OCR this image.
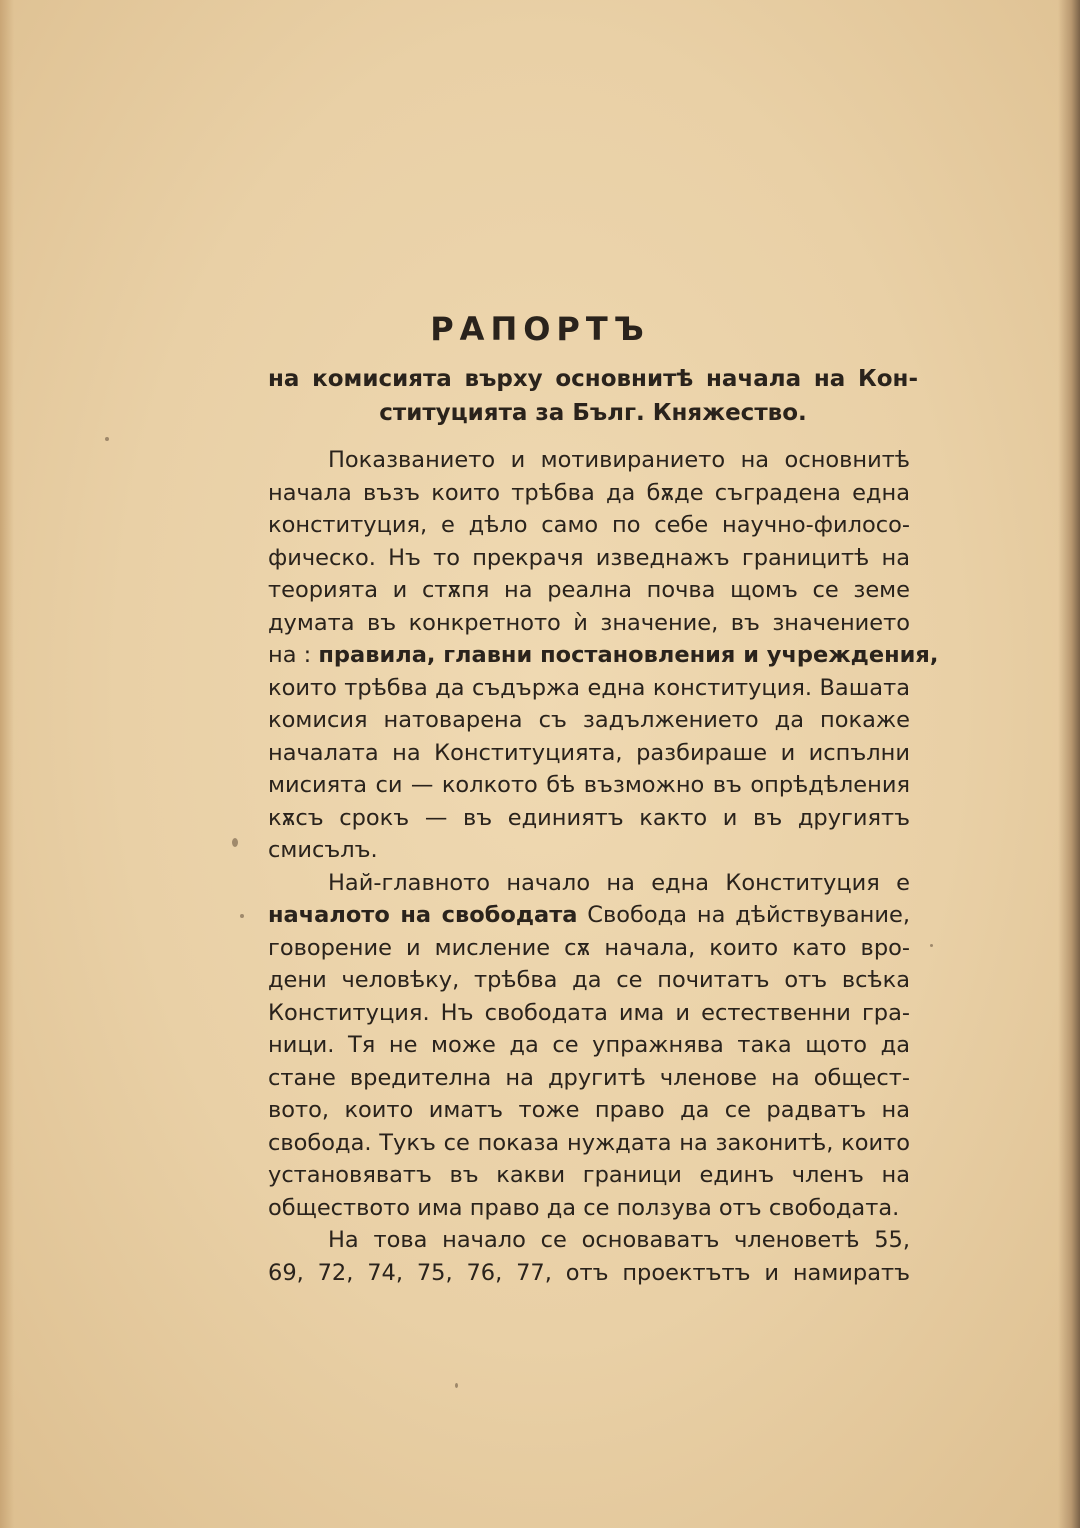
РАПОРТЪ
на комисията върху основнитѣ начала на Кон-
ституцията за Бълг. Княжество.
Показванието и мотивиранието на основнитѣ
начала възъ които трѣбва да бѫде съградена една
конституция, е дѣло само по себе научно-филосо-
фическо. Нъ то прекрачя изведнажъ границитѣ на
теорията и стѫпя на реална почва щомъ се земе
думата въ конкретното ѝ значение, въ значението
на : правила, главни постановления и учреждения,
които трѣбва да съдържа една конституция. Вашата
комисия натоварена съ задължението да покаже
началата на Конституцията, разбираше и испълни
мисията си — колкото бѣ възможно въ опрѣдѣления
кѫсъ срокъ — въ единиятъ както и въ другиятъ
смисълъ.
Най-главното начало на една Конституция е
началото на свободата Свобода на дѣйствувание,
говорение и мисление сѫ начала, които като вро-
дени человѣку, трѣбва да се почитатъ отъ всѣка
Конституция. Нъ свободата има и естественни гра-
ници. Тя не може да се упражнява така щото да
стане вредителна на другитѣ членове на общест-
вото, които иматъ тоже право да се радватъ на
свобода. Тукъ се показа нуждата на законитѣ, които
установяватъ въ какви граници единъ членъ на
обществото има право да се ползува отъ свободата.
На това начало се основаватъ членоветѣ 55,
69, 72, 74, 75, 76, 77, отъ проектътъ и намиратъ
